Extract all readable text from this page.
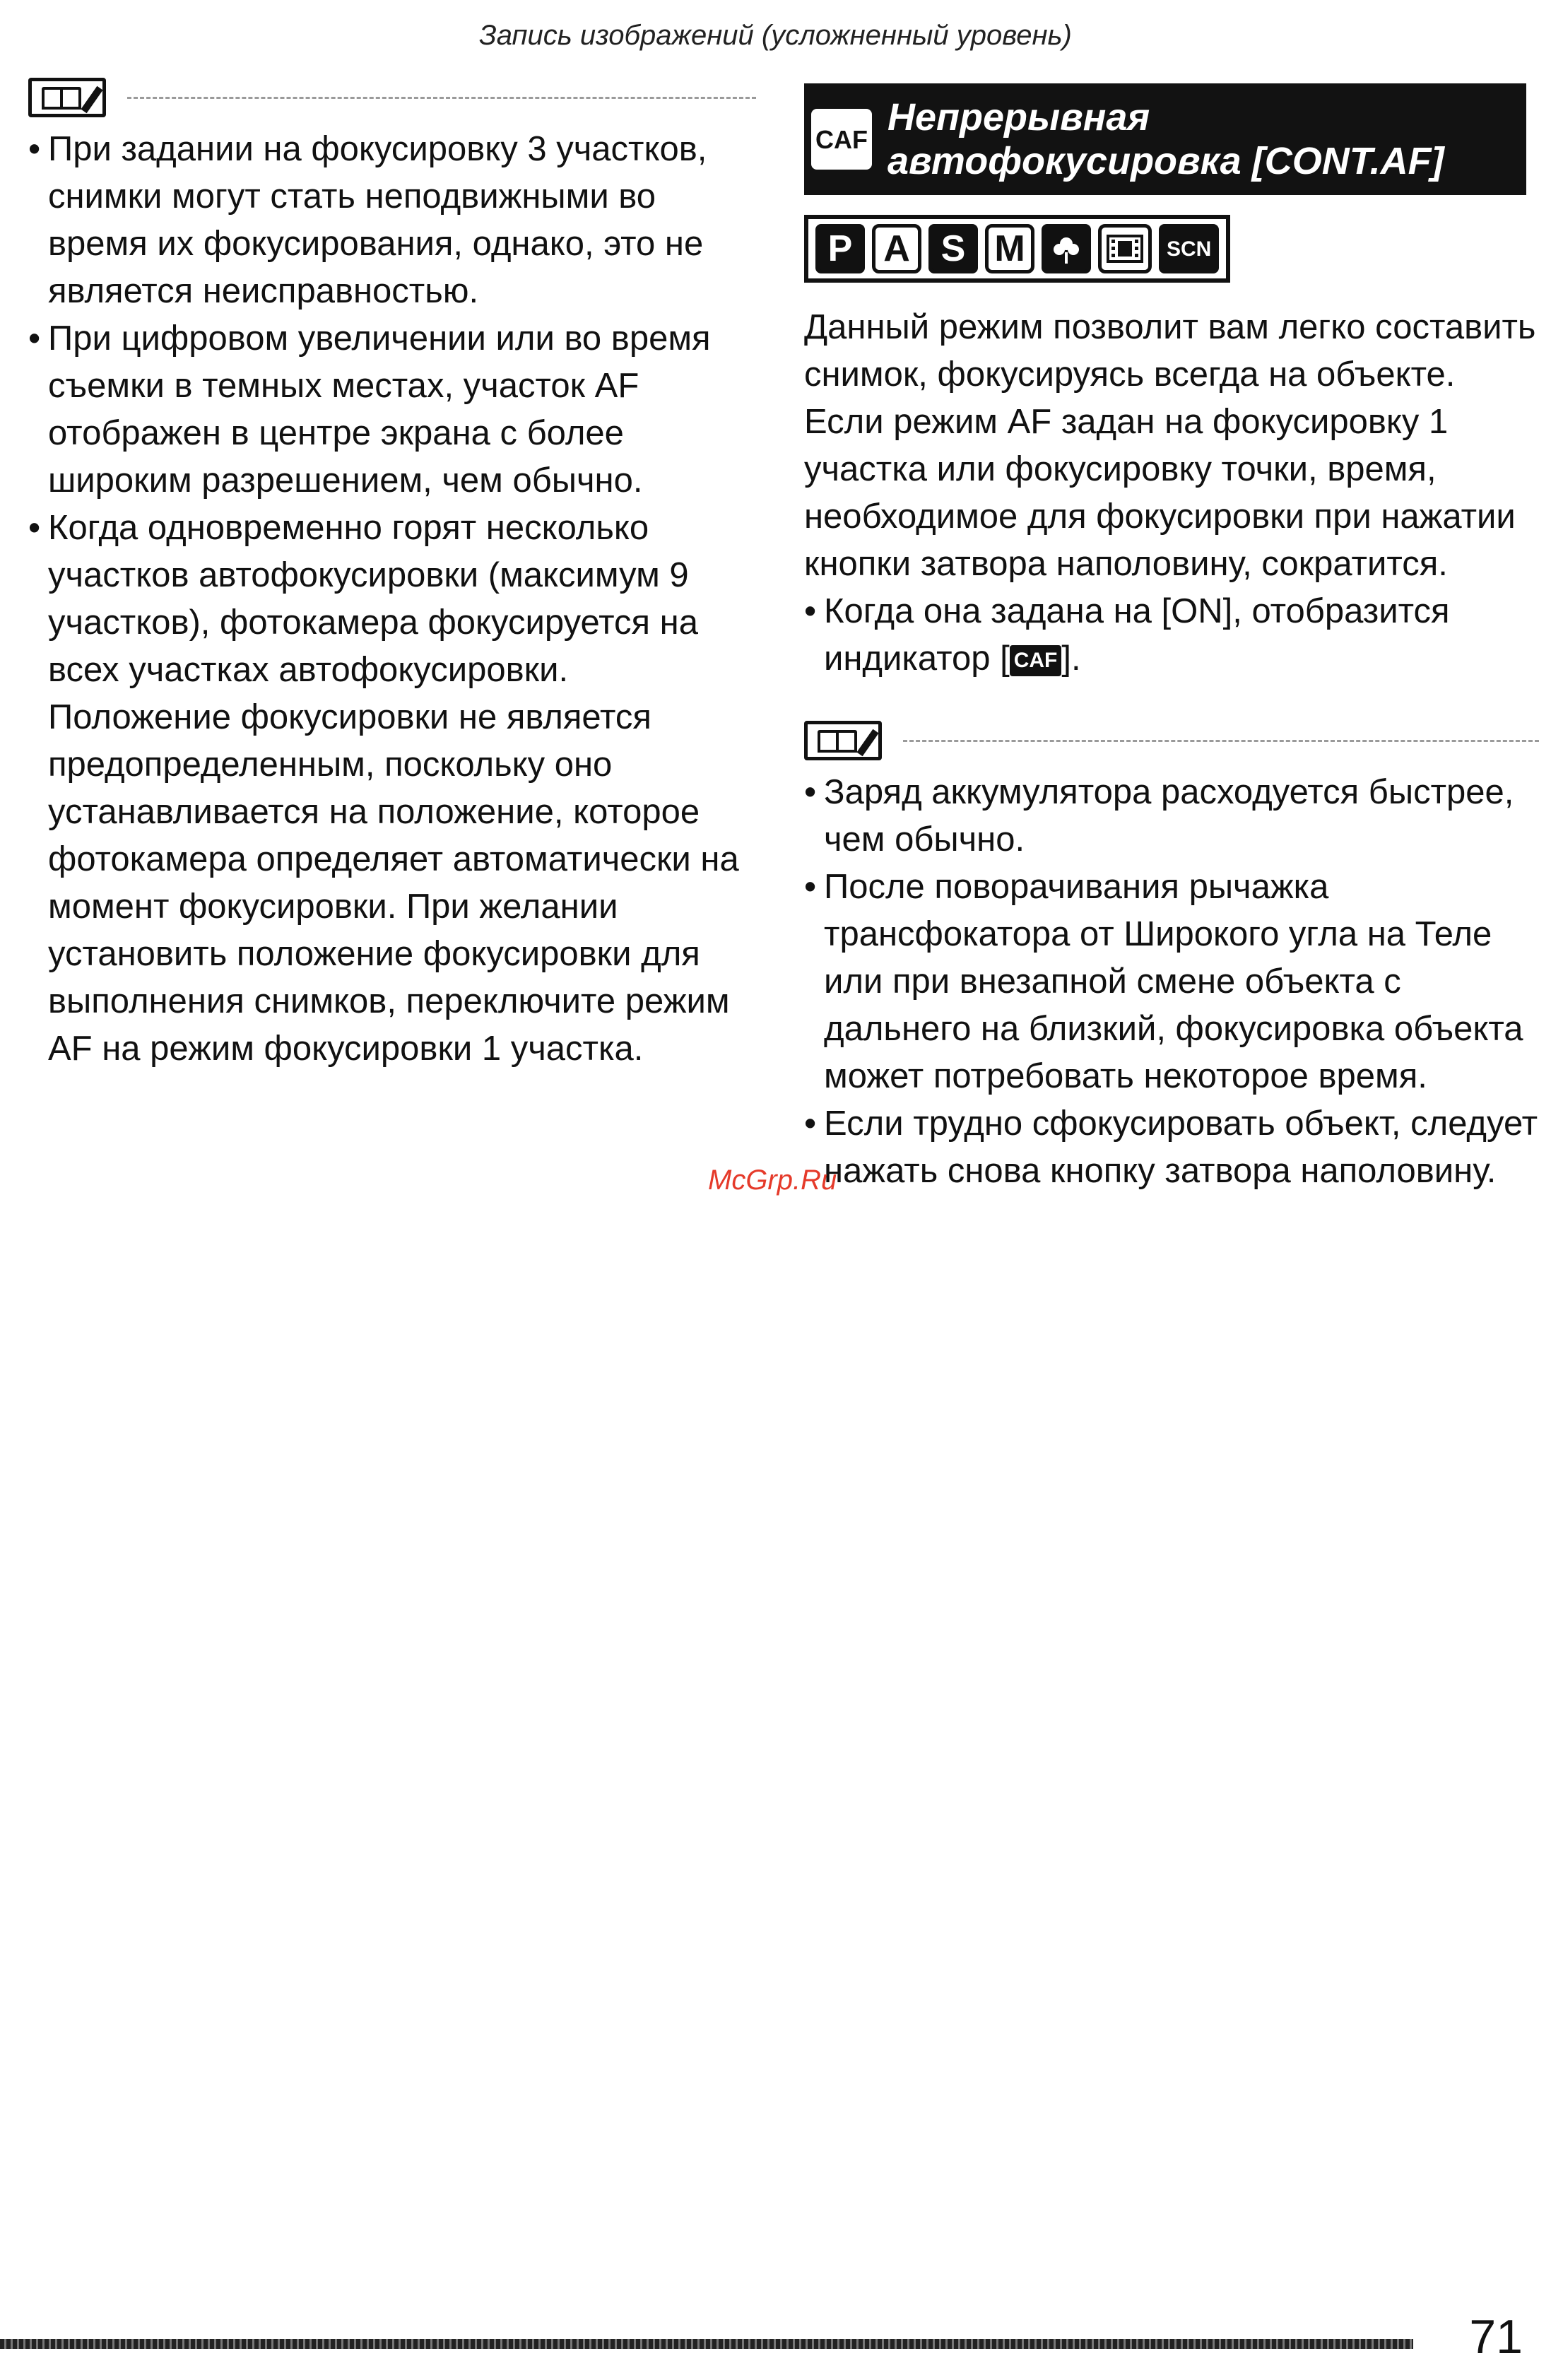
Запись изображений (усложненный уровень)
• При задании на фокусировку 3 участков, снимки могут стать неподвижными во время их фокусирования, однако, это не является неисправностью.
• При цифровом увеличении или во время съемки в темных местах, участок AF отображен в центре экрана с более широким разрешением, чем обычно.
• Когда одновременно горят несколько участков автофокусировки (максимум 9 участков), фотокамера фокусируется на всех участках автофокусировки.
Положение фокусировки не является предопределенным, поскольку оно устанавливается на положение, которое фотокамера определяет автоматически на момент фокусировки. При желании установить положение фокусировки для выполнения снимков, переключите режим AF на режим фокусировки 1 участка.
CAF
Непрерывная
автофокусировка [CONT.AF]
P A S M	SCN
Данный режим позволит вам легко составить снимок, фокусируясь всегда на объекте.
Если режим AF задан на фокусировку 1 участка или фокусировку точки, время, необходимое для фокусировки при нажатии кнопки затвора наполовину, сократится.
• Когда она задана на [ON], отобразится индикатор [ CAF ].
• Заряд аккумулятора расходуется быстрее, чем обычно.
• После поворачивания рычажка трансфокатора от Широкого угла на Теле или при внезапной смене объекта с дальнего на близкий, фокусировка объекта может потребовать некоторое время.
• Если трудно сфокусировать объект, следует нажать снова кнопку затвора наполовину.
McGrp.Ru
71
